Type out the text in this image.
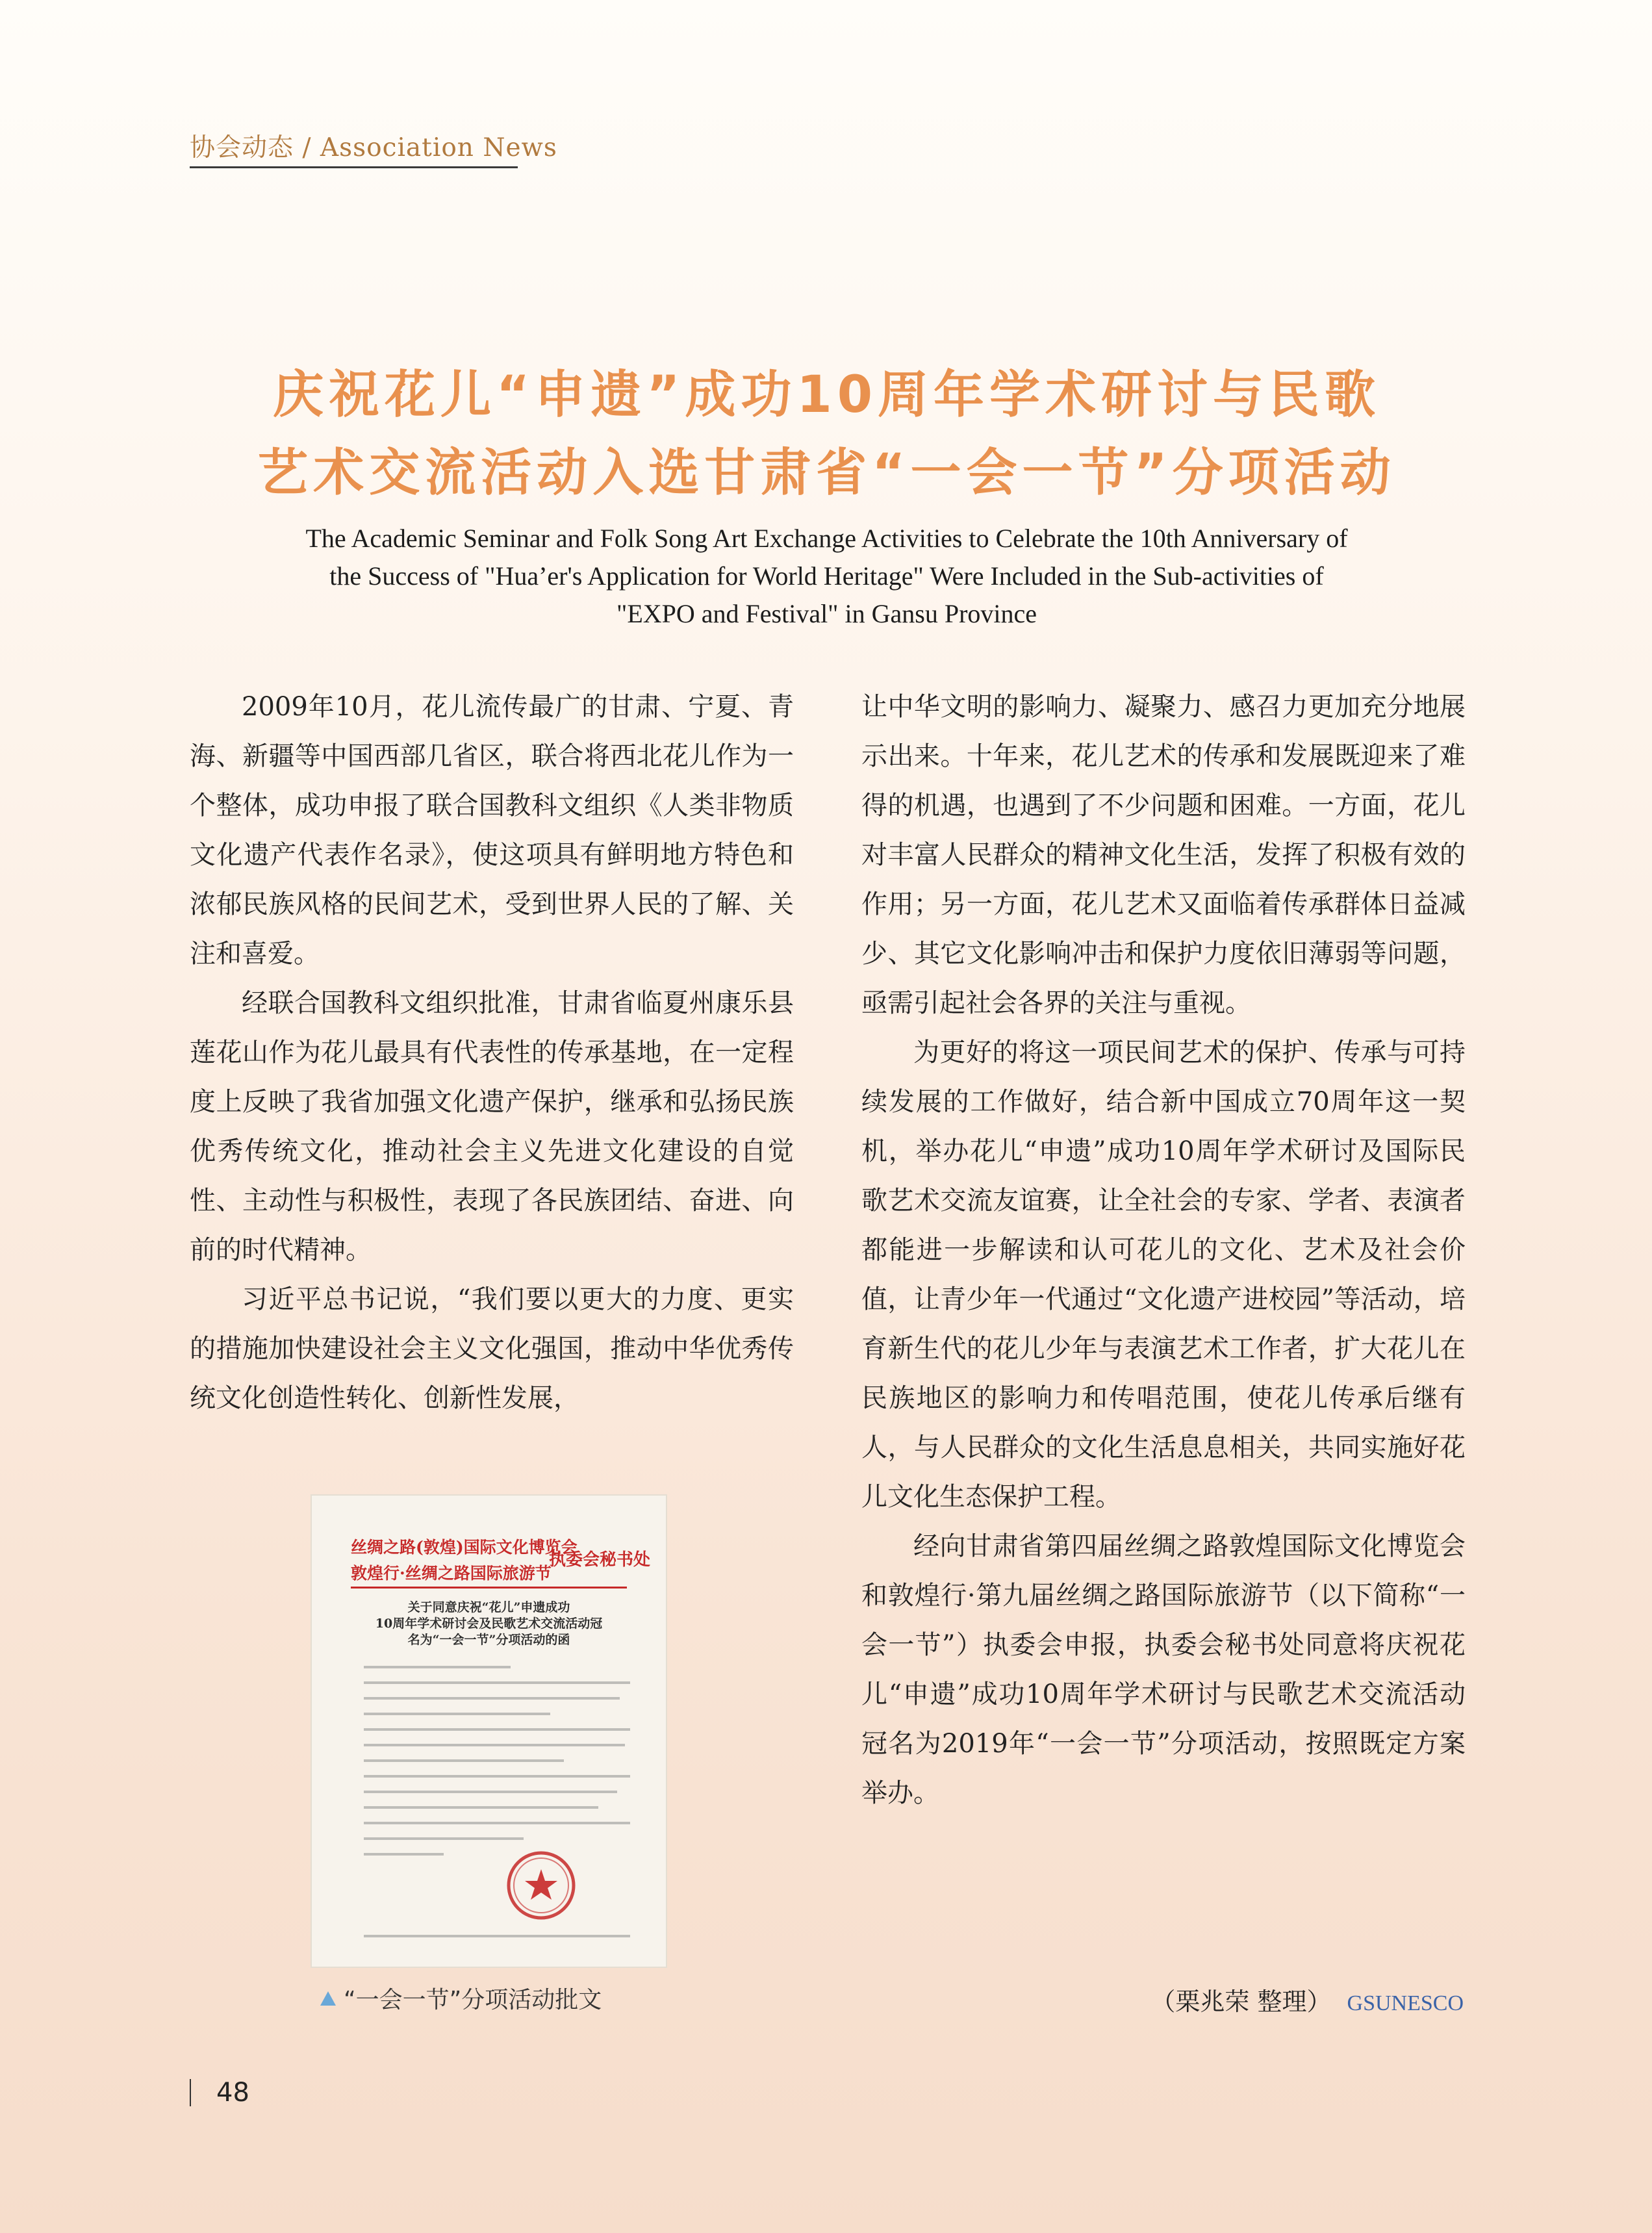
协会动态 / Association News
庆祝花儿“申遗”成功10周年学术研讨与民歌
艺术交流活动入选甘肃省“一会一节”分项活动
The Academic Seminar and Folk Song Art Exchange Activities to Celebrate the 10th Anniversary of
the Success of "Hua’er's Application for World Heritage" Were Included in the Sub-activities of
"EXPO and Festival" in Gansu Province

2009年10月，花儿流传最广的甘肃、宁夏、青海、新疆等中国西部几省区，联合将西北花儿作为一个整体，成功申报了联合国教科文组织《人类非物质文化遗产代表作名录》，使这项具有鲜明地方特色和浓郁民族风格的民间艺术，受到世界人民的了解、关注和喜爱。

经联合国教科文组织批准，甘肃省临夏州康乐县莲花山作为花儿最具有代表性的传承基地，在一定程度上反映了我省加强文化遗产保护，继承和弘扬民族优秀传统文化，推动社会主义先进文化建设的自觉性、主动性与积极性，表现了各民族团结、奋进、向前的时代精神。

习近平总书记说，“我们要以更大的力度、更实的措施加快建设社会主义文化强国，推动中华优秀传统文化创造性转化、创新性发展，

让中华文明的影响力、凝聚力、感召力更加充分地展示出来。十年来，花儿艺术的传承和发展既迎来了难得的机遇，也遇到了不少问题和困难。一方面，花儿对丰富人民群众的精神文化生活，发挥了积极有效的作用；另一方面，花儿艺术又面临着传承群体日益减少、其它文化影响冲击和保护力度依旧薄弱等问题，亟需引起社会各界的关注与重视。

为更好的将这一项民间艺术的保护、传承与可持续发展的工作做好，结合新中国成立70周年这一契机，举办花儿“申遗”成功10周年学术研讨及国际民歌艺术交流友谊赛，让全社会的专家、学者、表演者都能进一步解读和认可花儿的文化、艺术及社会价值，让青少年一代通过“文化遗产进校园”等活动，培育新生代的花儿少年与表演艺术工作者，扩大花儿在民族地区的影响力和传唱范围，使花儿传承后继有人，与人民群众的文化生活息息相关，共同实施好花儿文化生态保护工程。

经向甘肃省第四届丝绸之路敦煌国际文化博览会和敦煌行·第九届丝绸之路国际旅游节（以下简称“一会一节”）执委会申报，执委会秘书处同意将庆祝花儿“申遗”成功10周年学术研讨与民歌艺术交流活动冠名为2019年“一会一节”分项活动，按照既定方案举办。

丝绸之路(敦煌)国际文化博览会
敦煌行·丝绸之路国际旅游节
执委会秘书处
关于同意庆祝“花儿”申遗成功
10周年学术研讨会及民歌艺术交流活动冠
名为“一会一节”分项活动的函
“一会一节”分项活动批文	（栗兆荣 整理） GSUNESCO
48
